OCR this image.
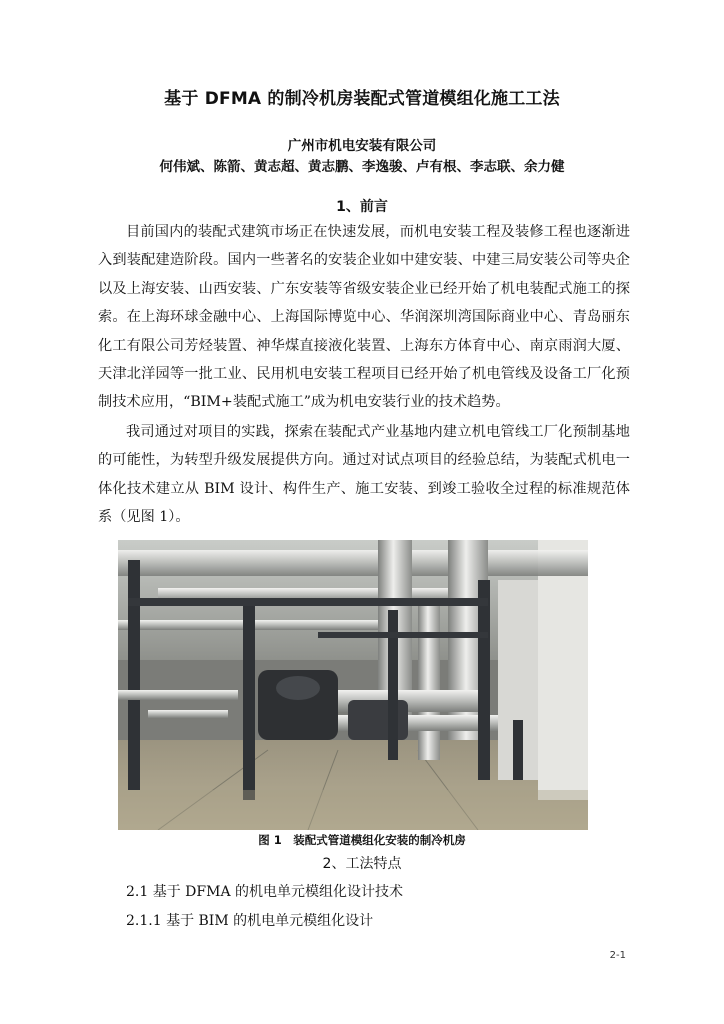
基于 DFMA 的制冷机房装配式管道模组化施工工法
广州市机电安装有限公司
何伟斌、陈箭、黄志超、黄志鹏、李逸骏、卢有根、李志联、余力健
1、前言

目前国内的装配式建筑市场正在快速发展，而机电安装工程及装修工程也逐渐进入到装配建造阶段。国内一些著名的安装企业如中建安装、中建三局安装公司等央企以及上海安装、山西安装、广东安装等省级安装企业已经开始了机电装配式施工的探索。在上海环球金融中心、上海国际博览中心、华润深圳湾国际商业中心、青岛丽东化工有限公司芳烃装置、神华煤直接液化装置、上海东方体育中心、南京雨润大厦、天津北洋园等一批工业、民用机电安装工程项目已经开始了机电管线及设备工厂化预制技术应用，“BIM+装配式施工”成为机电安装行业的技术趋势。

我司通过对项目的实践，探索在装配式产业基地内建立机电管线工厂化预制基地的可能性，为转型升级发展提供方向。通过对试点项目的经验总结，为装配式机电一体化技术建立从 BIM 设计、构件生产、施工安装、到竣工验收全过程的标准规范体系（见图 1）。

图 1　装配式管道模组化安装的制冷机房
2、工法特点
2.1 基于 DFMA 的机电单元模组化设计技术
2.1.1 基于 BIM 的机电单元模组化设计
2-1
